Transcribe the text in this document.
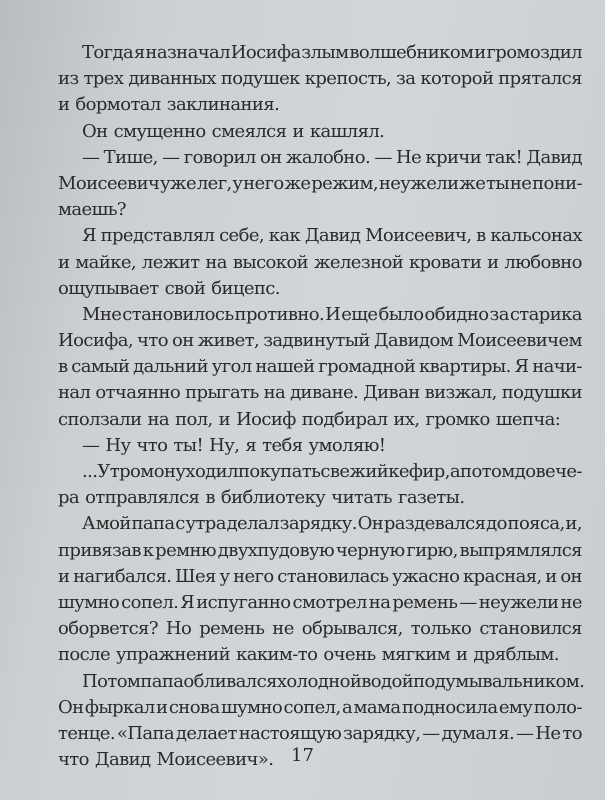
Тогда я назначал Иосифа злым волшебником и громоздил
из трех диванных подушек крепость, за которой прятался
и бормотал заклинания.
Он смущенно смеялся и кашлял.
— Тише, — говорил он жалобно. — Не кричи так! Давид
Моисеевич уже лег, у него же режим, неужели же ты не пони-
маешь?
Я представлял себе, как Давид Моисеевич, в кальсонах
и майке, лежит на высокой железной кровати и любовно
ощупывает свой бицепс.
Мне становилось противно. И еще было обидно за старика
Иосифа, что он живет, задвинутый Давидом Моисеевичем
в самый дальний угол нашей громадной квартиры. Я начи-
нал отчаянно прыгать на диване. Диван визжал, подушки
сползали на пол, и Иосиф подбирал их, громко шепча:
— Ну что ты! Ну, я тебя умоляю!
...Утром он уходил покупать свежий кефир, а потом до вече-
ра отправлялся в библиотеку читать газеты.
А мой папа с утра делал зарядку. Он раздевался до пояса, и,
привязав к ремню двухпудовую черную гирю, выпрямлялся
и нагибался. Шея у него становилась ужасно красная, и он
шумно сопел. Я испуганно смотрел на ремень — неужели не
оборвется? Но ремень не обрывался, только становился
после упражнений каким-то очень мягким и дряблым.
Потом папа обливался холодной водой под умывальником.
Он фыркал и снова шумно сопел, а мама подносила ему поло-
тенце. «Папа делает настоящую зарядку, — думал я. — Не то
что Давид Моисеевич». 17
